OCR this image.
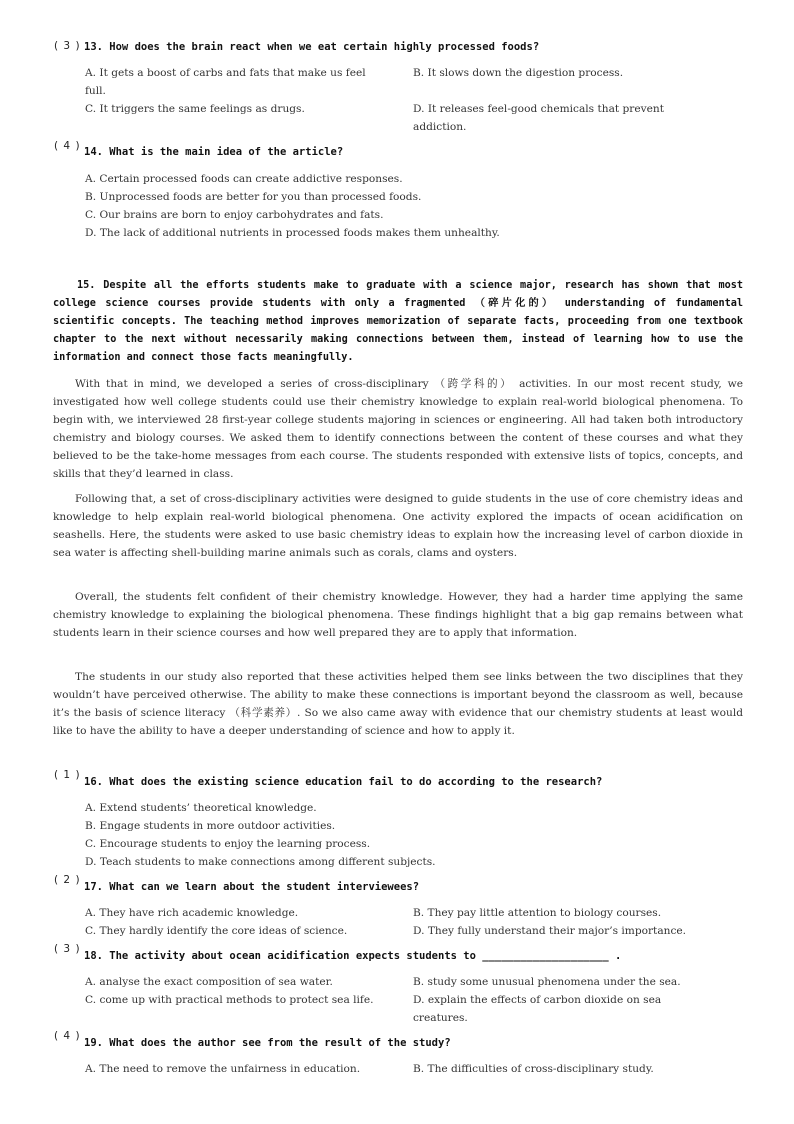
( 3 ) 13. How does the brain react when we eat certain highly processed foods?
A. It gets a boost of carbs and fats that make us feel full.
B. It slows down the digestion process.
C. It triggers the same feelings as drugs.	D. It releases feel-good chemicals that prevent addiction.
( 4 ) 14. What is the main idea of the article?
A. Certain processed foods can create addictive responses.
B. Unprocessed foods are better for you than processed foods.
C. Our brains are born to enjoy carbohydrates and fats.
D. The lack of additional nutrients in processed foods makes them unhealthy.
15. Despite all the efforts students make to graduate with a science major, research has shown that most college science courses provide students with only a fragmented （碎片化的） understanding of fundamental scientific concepts. The teaching method improves memorization of separate facts, proceeding from one textbook chapter to the next without necessarily making connections between them, instead of learning how to use the information and connect those facts meaningfully.
With that in mind, we developed a series of cross-disciplinary （跨学科的） activities. In our most recent study, we investigated how well college students could use their chemistry knowledge to explain real-world biological phenomena. To begin with, we interviewed 28 first-year college students majoring in sciences or engineering. All had taken both introductory chemistry and biology courses. We asked them to identify connections between the content of these courses and what they believed to be the take-home messages from each course. The students responded with extensive lists of topics, concepts, and skills that they’d learned in class.
Following that, a set of cross-disciplinary activities were designed to guide students in the use of core chemistry ideas and knowledge to help explain real-world biological phenomena. One activity explored the impacts of ocean acidification on seashells. Here, the students were asked to use basic chemistry ideas to explain how the increasing level of carbon dioxide in sea water is affecting shell-building marine animals such as corals, clams and oysters.
Overall, the students felt confident of their chemistry knowledge. However, they had a harder time applying the same chemistry knowledge to explaining the biological phenomena. These findings highlight that a big gap remains between what students learn in their science courses and how well prepared they are to apply that information.
The students in our study also reported that these activities helped them see links between the two disciplines that they wouldn’t have perceived otherwise. The ability to make these connections is important beyond the classroom as well, because it’s the basis of science literacy （科学素养）. So we also came away with evidence that our chemistry students at least would like to have the ability to have a deeper understanding of science and how to apply it.
( 1 )
16. What does the existing science education fail to do according to the research?
A. Extend students’ theoretical knowledge.
B. Engage students in more outdoor activities.
C. Encourage students to enjoy the learning process.
D. Teach students to make connections among different subjects.
( 2 )
17. What can we learn about the student interviewees?
A. They have rich academic knowledge.	B. They pay little attention to biology courses.
C. They hardly identify the core ideas of science.	D. They fully understand their major’s importance.
( 3 )
18. The activity about ocean acidification expects students to ____________________ .
A. analyse the exact composition of sea water.	B. study some unusual phenomena under the sea.
C. come up with practical methods to protect sea life.	D. explain the effects of carbon dioxide on sea creatures.
( 4 )
19. What does the author see from the result of the study?
A. The need to remove the unfairness in education.	B. The difficulties of cross-disciplinary study.
